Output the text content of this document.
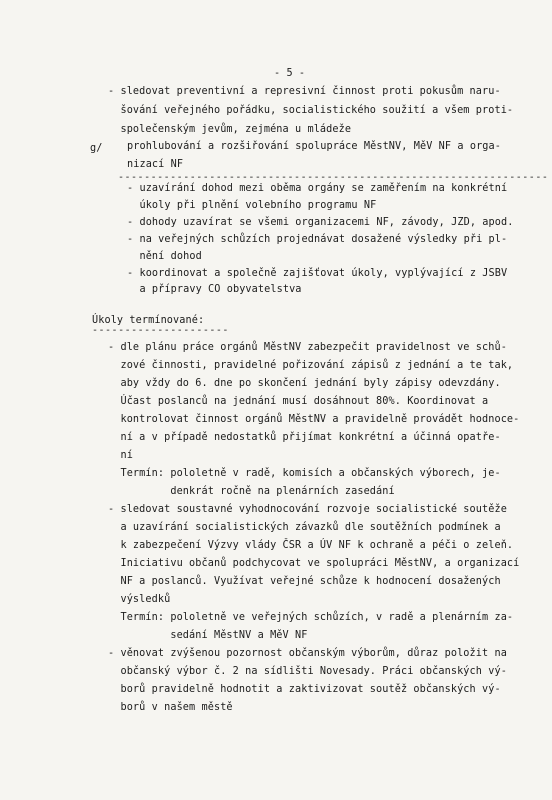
- 5 -
- sledovat preventivní a represivní činnost proti pokusům naru-
šování veřejného pořádku, socialistického soužití a všem proti-
společenským jevům, zejména u mládeže
g/ prohlubování a rozšiřování spolupráce MěstNV, MěV NF a orga-
nizací NF
------------------------------------------------------------------
- uzavírání dohod mezi oběma orgány se zaměřením na konkrétní
úkoly při plnění volebního programu NF
- dohody uzavírat se všemi organizacemi NF, závody, JZD, apod.
- na veřejných schůzích projednávat dosažené výsledky při pl-
nění dohod
- koordinovat a společně zajišťovat úkoly, vyplývající z JSBV
a přípravy CO obyvatelstva
Úkoly termínované:
---------------------
- dle plánu práce orgánů MěstNV zabezpečit pravidelnost ve schů-
zové činnosti, pravidelné pořizování zápisů z jednání a te tak,
aby vždy do 6. dne po skončení jednání byly zápisy odevzdány.
Účast poslanců na jednání musí dosáhnout 80%. Koordinovat a
kontrolovat činnost orgánů MěstNV a pravidelně provádět hodnoce-
ní a v případě nedostatků přijímat konkrétní a účinná opatře-
ní
Termín: pololetně v radě, komisích a občanských výborech, je-
denkrát ročně na plenárních zasedání
- sledovat soustavné vyhodnocování rozvoje socialistické soutěže
a uzavírání socialistických závazků dle soutěžních podmínek a
k zabezpečení Výzvy vlády ČSR a ÚV NF k ochraně a péči o zeleň.
Iniciativu občanů podchycovat ve spolupráci MěstNV, a organizací
NF a poslanců. Využívat veřejné schůze k hodnocení dosažených
výsledků
Termín: pololetně ve veřejných schůzích, v radě a plenárním za-
sedání MěstNV a MěV NF
- věnovat zvýšenou pozornost občanským výborům, důraz položit na
občanský výbor č. 2 na sídlišti Novesady. Práci občanských vý-
borů pravidelně hodnotit a zaktivizovat soutěž občanských vý-
borů v našem městě
